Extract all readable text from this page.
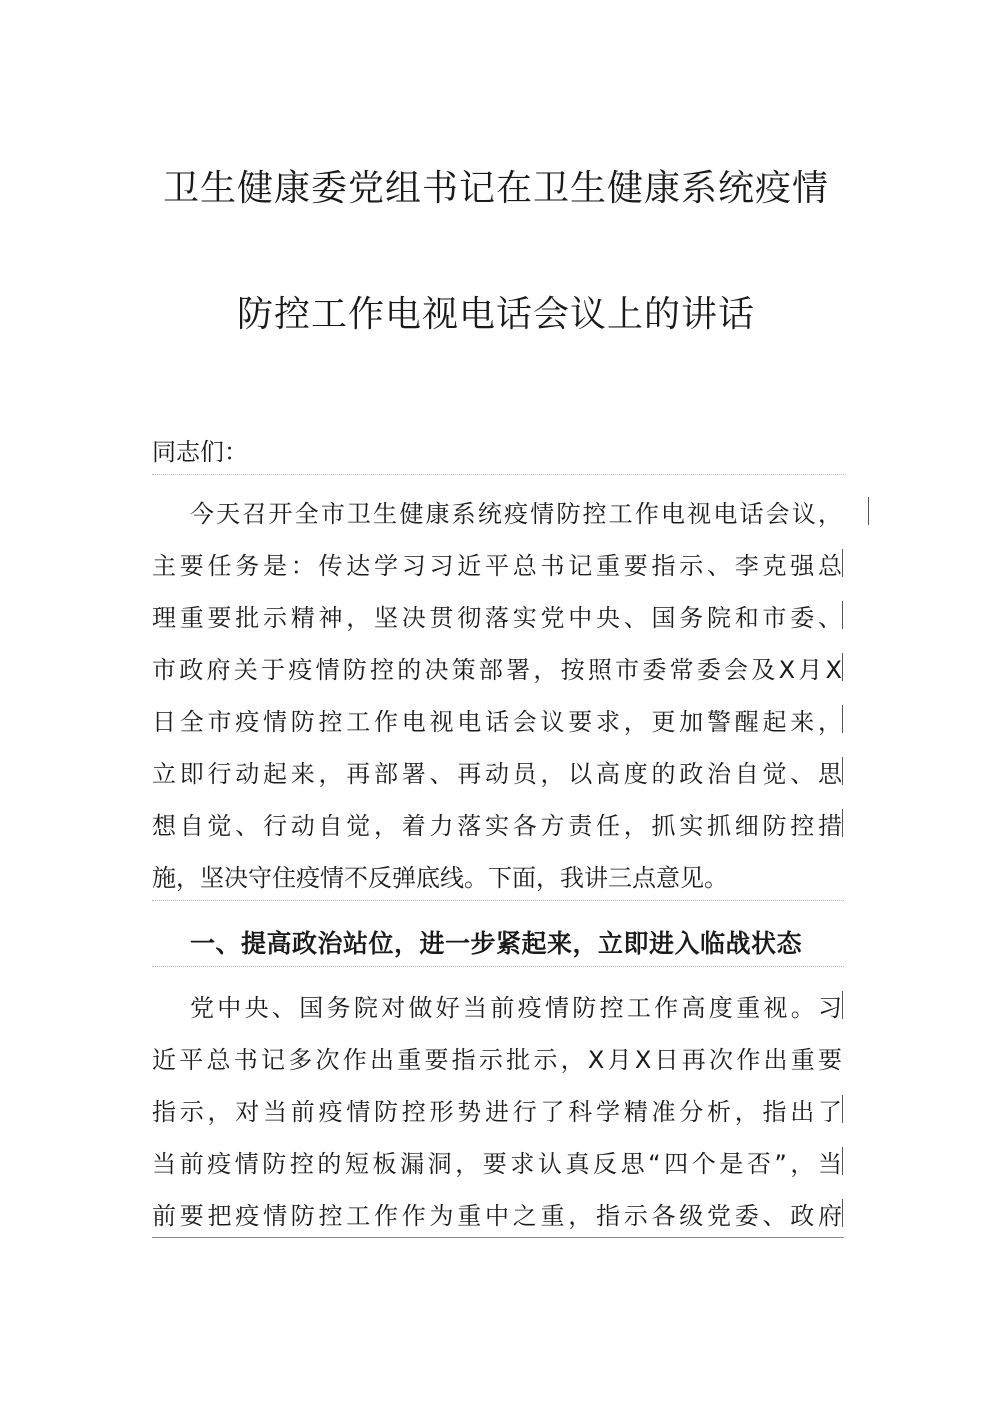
卫生健康委党组书记在卫生健康系统疫情
防控工作电视电话会议上的讲话
同志们：
今天召开全市卫生健康系统疫情防控工作电视电话会议，
主要任务是：传达学习习近平总书记重要指示、李克强总
理重要批示精神，坚决贯彻落实党中央、国务院和市委、
市政府关于疫情防控的决策部署，按照市委常委会及X月X
日全市疫情防控工作电视电话会议要求，更加警醒起来，
立即行动起来，再部署、再动员，以高度的政治自觉、思
想自觉、行动自觉，着力落实各方责任，抓实抓细防控措
施，坚决守住疫情不反弹底线。下面，我讲三点意见。
一、提高政治站位，进一步紧起来，立即进入临战状态
党中央、国务院对做好当前疫情防控工作高度重视。习
近平总书记多次作出重要指示批示，X月X日再次作出重要
指示，对当前疫情防控形势进行了科学精准分析，指出了
当前疫情防控的短板漏洞，要求认真反思“四个是否”，当
前要把疫情防控工作作为重中之重，指示各级党委、政府
